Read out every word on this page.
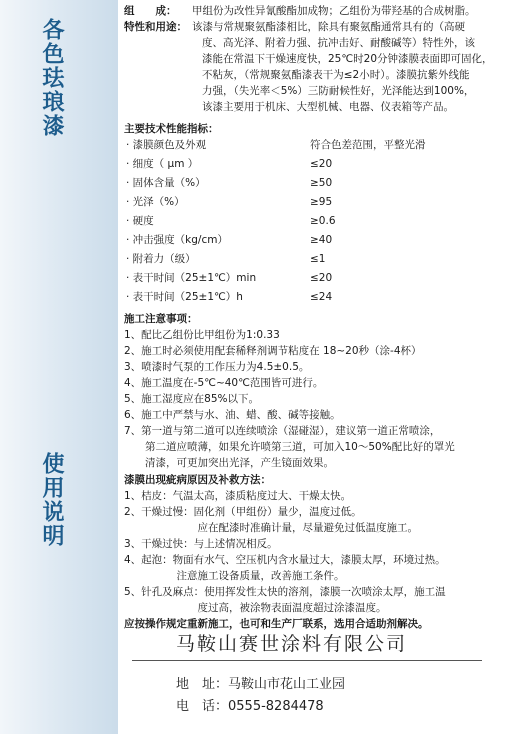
各色珐琅漆
使用说明
组　　成： 甲组份为改性异氰酸酯加成物；乙组份为带羟基的合成树脂。
特性和用途： 该漆与常规聚氨酯漆相比，除具有聚氨酯通常具有的（高硬
度、高光泽、附着力强、抗冲击好、耐酸碱等）特性外，该
漆能在常温下干燥速度快，25℃时20分钟漆膜表面即可固化，
不粘灰，（常规聚氨酯漆表干为≤2小时）。漆膜抗紫外线能
力强，（失光率＜5%）三防耐候性好，光泽能达到100%，
该漆主要用于机床、大型机械、电器、仪表箱等产品。
主要技术性能指标：
· 漆膜颜色及外观	符合色差范围，平整光滑
· 细度（ μm ）	≤20
· 固体含量（%）	≥50
· 光泽（%）	≥95
· 硬度	≥0.6
· 冲击强度（kg/cm）	≥40
· 附着力（级）	≤1
· 表干时间（25±1℃）min	≤20
· 表干时间（25±1℃）h	≤24
施工注意事项：
1、配比乙组份比甲组份为1:0.33
2、施工时必须使用配套稀释剂调节粘度在 18~20秒（涂-4杯）
3、喷漆时气泵的工作压力为4.5±0.5。
4、施工温度在-5℃~40℃范围皆可进行。
5、施工湿度应在85%以下。
6、施工中严禁与水、油、蜡、酸、碱等接触。
7、第一道与第二道可以连续喷涂（湿碰湿），建议第一道正常喷涂，
　　第二道应喷薄，如果允许喷第三道，可加入10～50%配比好的罩光
　　清漆，可更加突出光泽，产生镜面效果。
漆膜出现疵病原因及补救方法：
1、桔皮：气温太高，漆质粘度过大、干燥太快。
2、干燥过慢：固化剂（甲组份）量少，温度过低。
　　　　　　　应在配漆时准确计量，尽量避免过低温度施工。
3、干燥过快：与上述情况相反。
4、起泡：物面有水气、空压机内含水量过大，漆膜太厚，环境过热。
　　　　　注意施工设备质量，改善施工条件。
5、针孔及麻点：使用挥发性太快的溶剂，漆膜一次喷涂太厚，施工温
　　　　　　　度过高，被涂物表面温度超过涂漆温度。
应按操作规定重新施工，也可和生产厂联系，选用合适助剂解决。
马鞍山赛世涂料有限公司
地　址：马鞍山市花山工业园
电　话：0555-8284478
